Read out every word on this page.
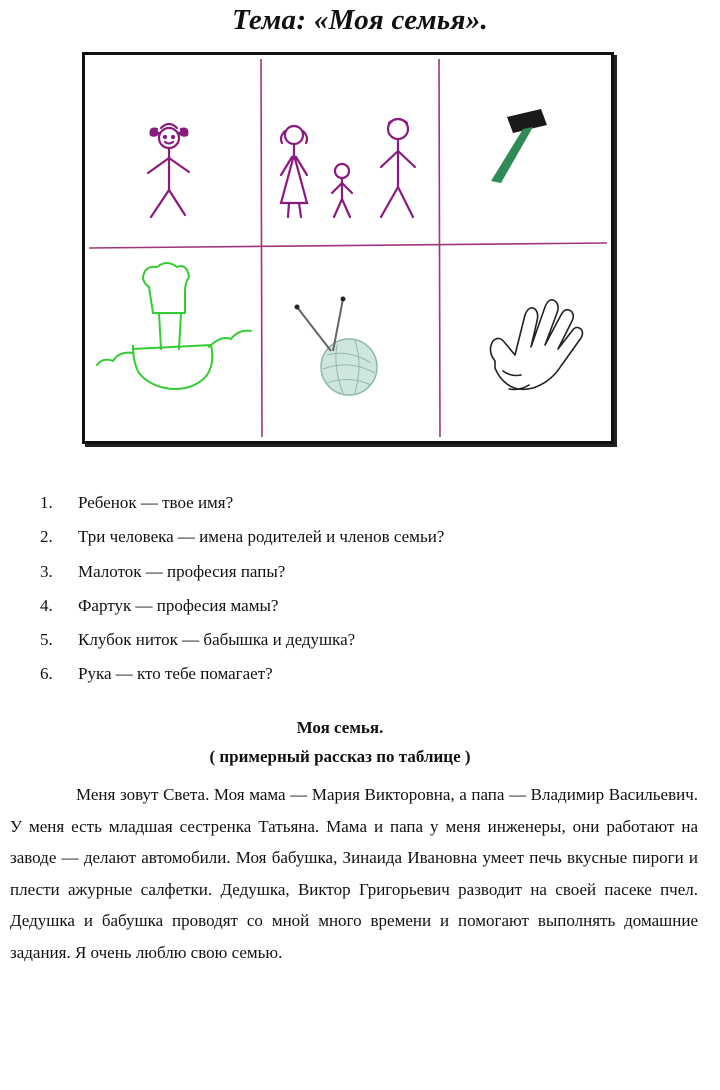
Тема: «Моя семья».
1.	Ребенок — твое имя?
2.	Три человека — имена родителей и членов семьи?
3.	Малоток — професия папы?
4.	Фартук — професия мамы?
5.	Клубок ниток — бабышка и дедушка?
6.	Рука — кто тебе помагает?
Моя семья.
( примерный рассказ по таблице )

Меня зовут Света. Моя мама — Мария Викторовна, а папа — Владимир Васильевич. У меня есть младшая сестренка Татьяна. Мама и папа у меня инженеры, они работают на заводе — делают автомобили. Моя бабушка, Зинаида Ивановна умеет печь вкусные пироги и плести ажурные салфетки. Дедушка, Виктор Григорьевич разводит на своей пасеке пчел. Дедушка и бабушка проводят со мной много времени и помогают выполнять домашние задания. Я очень люблю свою семью.
